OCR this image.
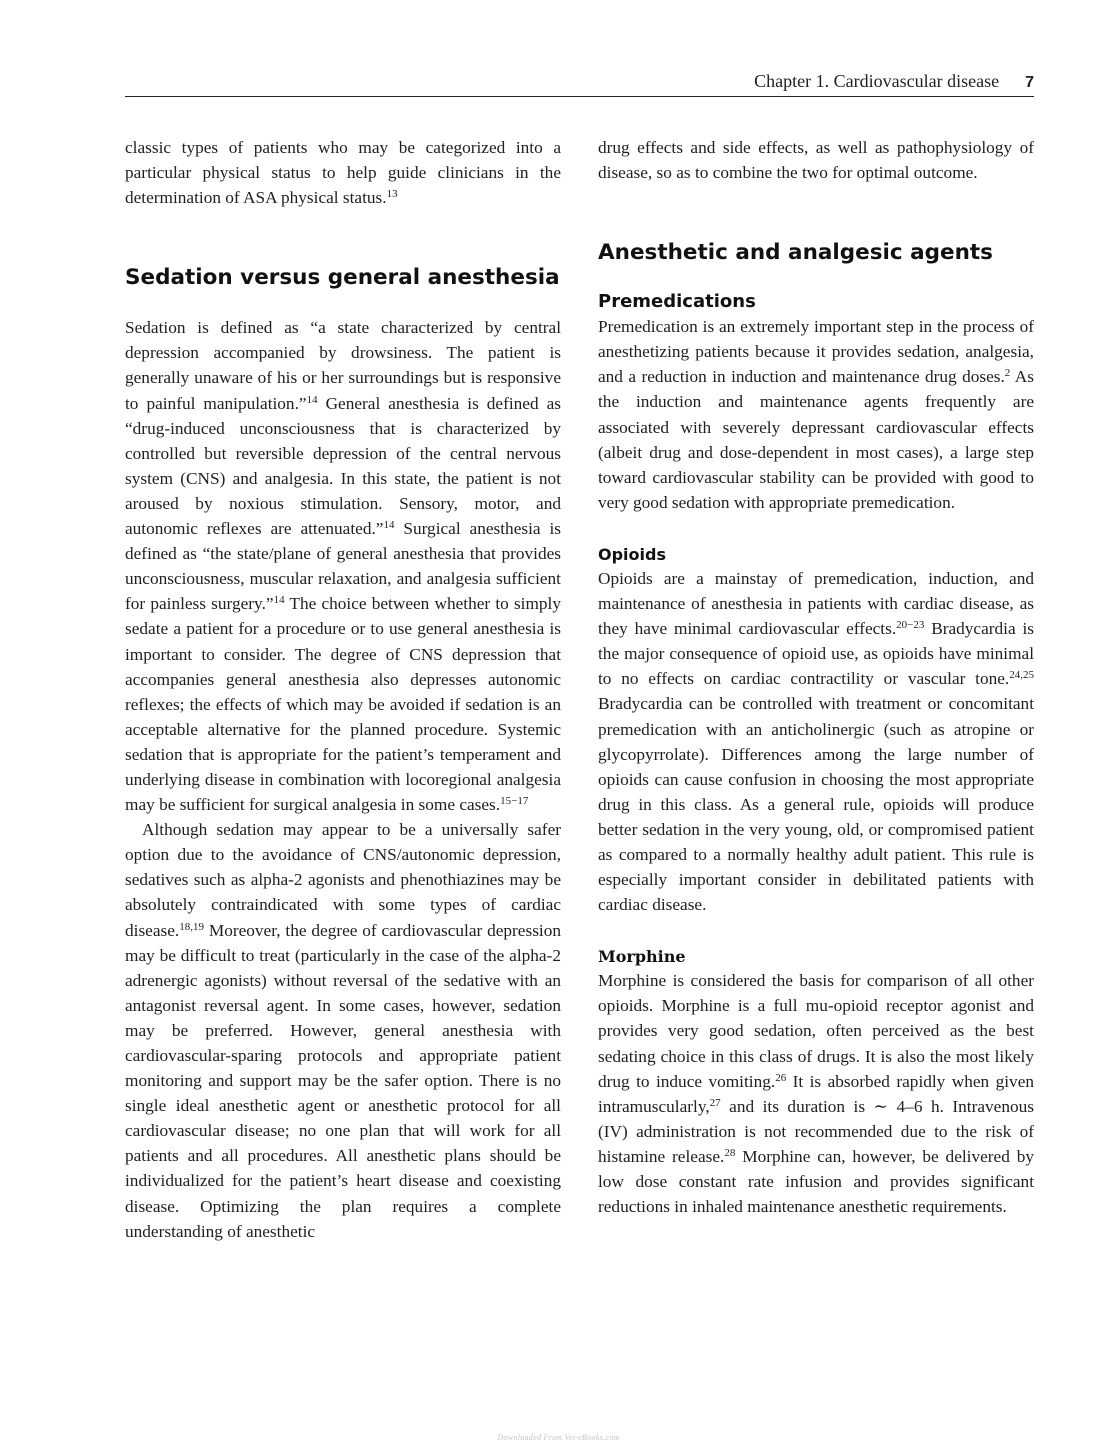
Chapter 1. Cardiovascular disease 7

classic types of patients who may be categorized into a particular physical status to help guide clinicians in the determination of ASA physical status.$^{13}$

Sedation versus general anesthesia

Sedation is defined as “a state characterized by central depression accompanied by drowsiness. The patient is generally unaware of his or her surroundings but is responsive to painful manipulation.”$^{14}$ General anesthesia is defined as “drug-induced unconsciousness that is characterized by controlled but reversible depression of the central nervous system (CNS) and analgesia. In this state, the patient is not aroused by noxious stimulation. Sensory, motor, and autonomic reflexes are attenuated.”$^{14}$ Surgical anesthesia is defined as “the state/plane of general anesthesia that provides unconsciousness, muscular relaxation, and analgesia sufficient for painless surgery.”$^{14}$ The choice between whether to simply sedate a patient for a procedure or to use general anesthesia is important to consider. The degree of CNS depression that accompanies general anesthesia also depresses autonomic reflexes; the effects of which may be avoided if sedation is an acceptable alternative for the planned procedure. Systemic sedation that is appropriate for the patient’s temperament and underlying disease in combination with locoregional analgesia may be sufficient for surgical analgesia in some cases.$^{15-17}$

Although sedation may appear to be a universally safer option due to the avoidance of CNS/autonomic depression, sedatives such as alpha-2 agonists and phenothiazines may be absolutely contraindicated with some types of cardiac disease.$^{18,19}$ Moreover, the degree of cardiovascular depression may be difficult to treat (particularly in the case of the alpha-2 adrenergic agonists) without reversal of the sedative with an antagonist reversal agent. In some cases, however, sedation may be preferred. However, general anesthesia with cardiovascular-sparing protocols and appropriate patient monitoring and support may be the safer option. There is no single ideal anesthetic agent or anesthetic protocol for all cardiovascular disease; no one plan that will work for all patients and all procedures. All anesthetic plans should be individualized for the patient’s heart disease and coexisting disease. Optimizing the plan requires a complete understanding of anesthetic

drug effects and side effects, as well as pathophysiology of disease, so as to combine the two for optimal outcome.

Anesthetic and analgesic agents
Premedications

Premedication is an extremely important step in the process of anesthetizing patients because it provides sedation, analgesia, and a reduction in induction and maintenance drug doses.$^2$ As the induction and maintenance agents frequently are associated with severely depressant cardiovascular effects (albeit drug and dose-dependent in most cases), a large step toward cardiovascular stability can be provided with good to very good sedation with appropriate premedication.

Opioids

Opioids are a mainstay of premedication, induction, and maintenance of anesthesia in patients with cardiac disease, as they have minimal cardiovascular effects.$^{20-23}$ Bradycardia is the major consequence of opioid use, as opioids have minimal to no effects on cardiac contractility or vascular tone.$^{24,25}$ Bradycardia can be controlled with treatment or concomitant premedication with an anticholinergic (such as atropine or glycopyrrolate). Differences among the large number of opioids can cause confusion in choosing the most appropriate drug in this class. As a general rule, opioids will produce better sedation in the very young, old, or compromised patient as compared to a normally healthy adult patient. This rule is especially important consider in debilitated patients with cardiac disease.

Morphine

Morphine is considered the basis for comparison of all other opioids. Morphine is a full mu-opioid receptor agonist and provides very good sedation, often perceived as the best sedating choice in this class of drugs. It is also the most likely drug to induce vomiting.$^{26}$ It is absorbed rapidly when given intramuscularly,$^{27}$ and its duration is ∼ 4–6 h. Intravenous (IV) administration is not recommended due to the risk of histamine release.$^{28}$ Morphine can, however, be delivered by low dose constant rate infusion and provides significant reductions in inhaled maintenance anesthetic requirements.

Downloaded From Vet-eBooks.com
